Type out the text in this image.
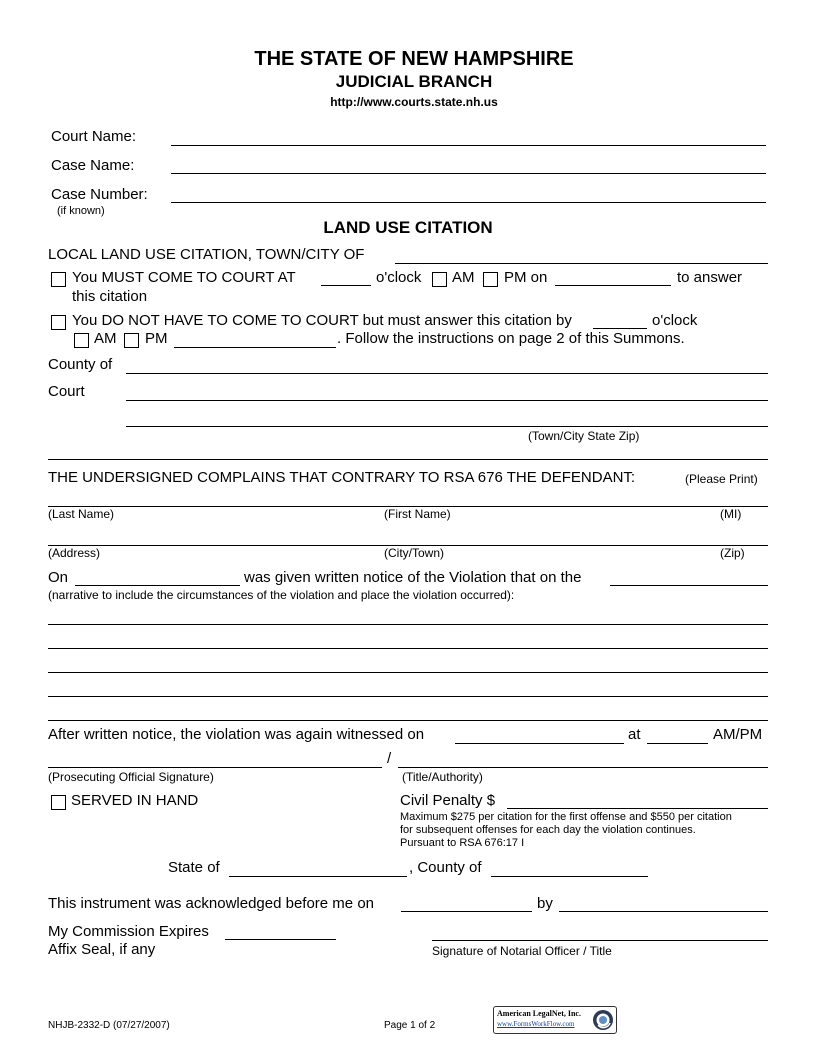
THE STATE OF NEW HAMPSHIRE
JUDICIAL BRANCH
http://www.courts.state.nh.us
Court Name:
Case Name:
Case Number:
(if known)
LAND USE CITATION
LOCAL LAND USE CITATION, TOWN/CITY OF
You MUST COME TO COURT AT	o'clock AM PM on	to answer
this citation
You DO NOT HAVE TO COME TO COURT but must answer this citation by	o'clock
AM PM	. Follow the instructions on page 2 of this Summons.
County of
Court
(Town/City State Zip)
THE UNDERSIGNED COMPLAINS THAT CONTRARY TO RSA 676 THE DEFENDANT:	(Please Print)
(Last Name)	(First Name)	(MI)
(Address)	(City/Town)	(Zip)
On	was given written notice of the Violation that on the
(narrative to include the circumstances of the violation and place the violation occurred):
After written notice, the violation was again witnessed on	at	AM/PM
/
(Prosecuting Official Signature)	(Title/Authority)
SERVED IN HAND	Civil Penalty $
Maximum $275 per citation for the first offense and $550 per citation
for subsequent offenses for each day the violation continues.
Pursuant to RSA 676:17 I
State of	, County of
This instrument was acknowledged before me on	by
My Commission Expires
Affix Seal, if any	Signature of Notarial Officer / Title
NHJB-2332-D (07/27/2007)	Page 1 of 2
American LegalNet, Inc.
www.FormsWorkFlow.com
